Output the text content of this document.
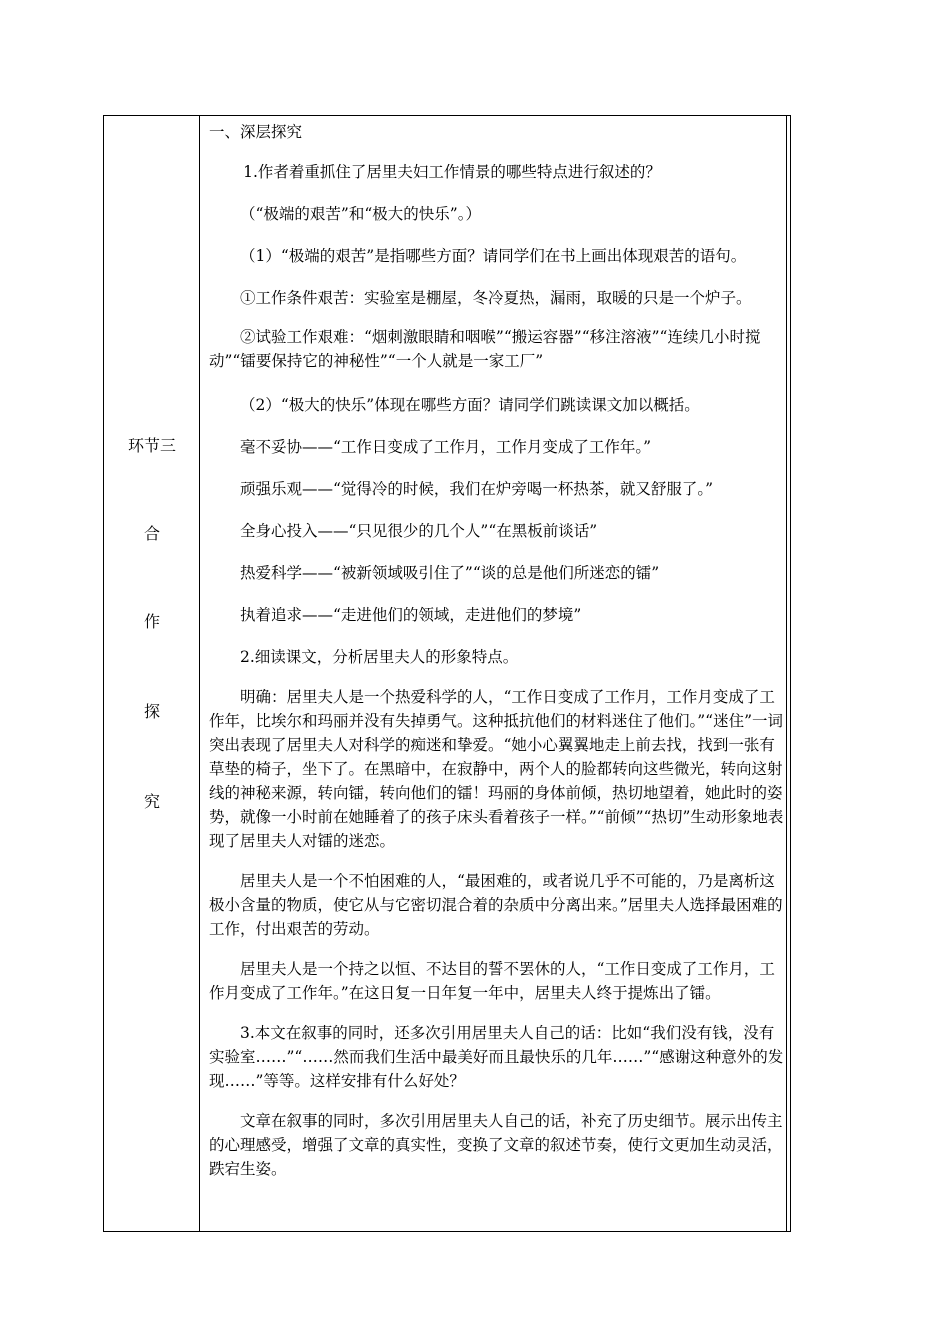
环节三
合
作
探
究

一、深层探究

1.作者着重抓住了居里夫妇工作情景的哪些特点进行叙述的？

（“极端的艰苦”和“极大的快乐”。）

（1）“极端的艰苦”是指哪些方面？请同学们在书上画出体现艰苦的语句。

①工作条件艰苦：实验室是棚屋，冬冷夏热，漏雨，取暖的只是一个炉子。

②试验工作艰难：“烟刺激眼睛和咽喉”“搬运容器”“移注溶液”“连续几小时搅动”“镭要保持它的神秘性”“一个人就是一家工厂”

（2）“极大的快乐”体现在哪些方面？请同学们跳读课文加以概括。

毫不妥协——“工作日变成了工作月，工作月变成了工作年。”

顽强乐观——“觉得冷的时候，我们在炉旁喝一杯热茶，就又舒服了。”

全身心投入——“只见很少的几个人”“在黑板前谈话”

热爱科学——“被新领域吸引住了”“谈的总是他们所迷恋的镭”

执着追求——“走进他们的领域，走进他们的梦境”

2.细读课文，分析居里夫人的形象特点。

明确：居里夫人是一个热爱科学的人，“工作日变成了工作月，工作月变成了工作年，比埃尔和玛丽并没有失掉勇气。这种抵抗他们的材料迷住了他们。”“迷住”一词突出表现了居里夫人对科学的痴迷和挚爱。“她小心翼翼地走上前去找，找到一张有草垫的椅子，坐下了。在黑暗中，在寂静中，两个人的脸都转向这些微光，转向这射线的神秘来源，转向镭，转向他们的镭！玛丽的身体前倾，热切地望着，她此时的姿势，就像一小时前在她睡着了的孩子床头看着孩子一样。”“前倾”“热切”生动形象地表现了居里夫人对镭的迷恋。

居里夫人是一个不怕困难的人，“最困难的，或者说几乎不可能的，乃是离析这极小含量的物质，使它从与它密切混合着的杂质中分离出来。”居里夫人选择最困难的工作，付出艰苦的劳动。

居里夫人是一个持之以恒、不达目的誓不罢休的人，“工作日变成了工作月，工作月变成了工作年。”在这日复一日年复一年中，居里夫人终于提炼出了镭。

3.本文在叙事的同时，还多次引用居里夫人自己的话：比如“我们没有钱，没有实验室……”“……然而我们生活中最美好而且最快乐的几年……”“感谢这种意外的发现……”等等。这样安排有什么好处？

文章在叙事的同时，多次引用居里夫人自己的话，补充了历史细节。展示出传主的心理感受，增强了文章的真实性，变换了文章的叙述节奏，使行文更加生动灵活，跌宕生姿。
